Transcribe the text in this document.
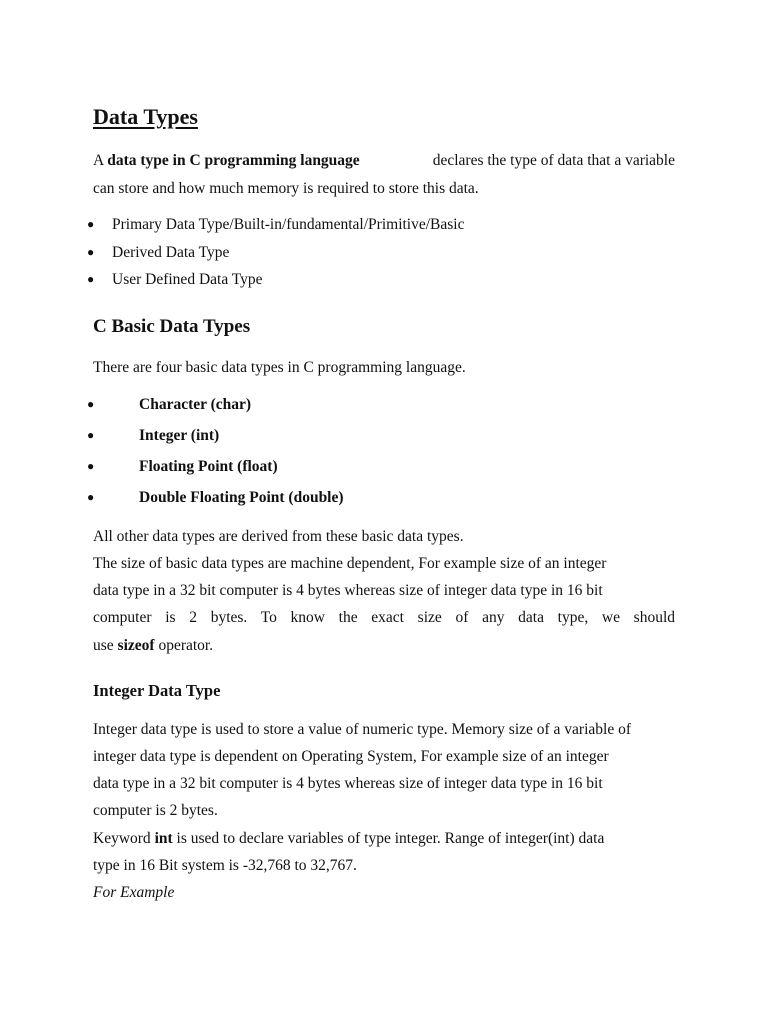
Data Types
A data type in C programming language	declares the type of data that a variable
can store and how much memory is required to store this data.
● Primary Data Type/Built-in/fundamental/Primitive/Basic
● Derived Data Type
● User Defined Data Type
C Basic Data Types
There are four basic data types in C programming language.
●	Character (char)
●	Integer (int)
●	Floating Point (float)
●	Double Floating Point (double)
All other data types are derived from these basic data types.
The size of basic data types are machine dependent, For example size of an integer
data type in a 32 bit computer is 4 bytes whereas size of integer data type in 16 bit
computer is 2 bytes. To know the exact size of any data type, we should
use sizeof operator.
Integer Data Type
Integer data type is used to store a value of numeric type. Memory size of a variable of
integer data type is dependent on Operating System, For example size of an integer
data type in a 32 bit computer is 4 bytes whereas size of integer data type in 16 bit
computer is 2 bytes.
Keyword int is used to declare variables of type integer. Range of integer(int) data
type in 16 Bit system is -32,768 to 32,767.
For Example
